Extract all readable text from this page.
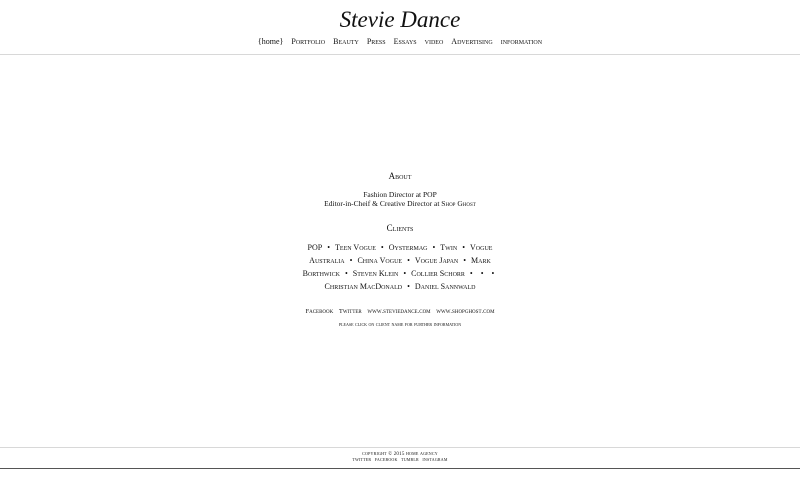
Stevie Dance
{home} Portfolio Beauty Press Essays video Advertising information
About
Fashion Director at POP
Editor-in-Cheif & Creative Director at Shop Ghost
Clients
POP • Teen Vogue • Oystermag • Twin • Vogue Australia • China Vogue • Vogue Japan • Mark Borthwick • Steven Klein • Collier Schorr • • • Christian MacDonald • Daniel Sannwald
Facebook Twitter www.steviedance.com www.shopghost.com
please click on client name for further information
copyright © 2015 home agency
twitter facebook tumblr instagram
